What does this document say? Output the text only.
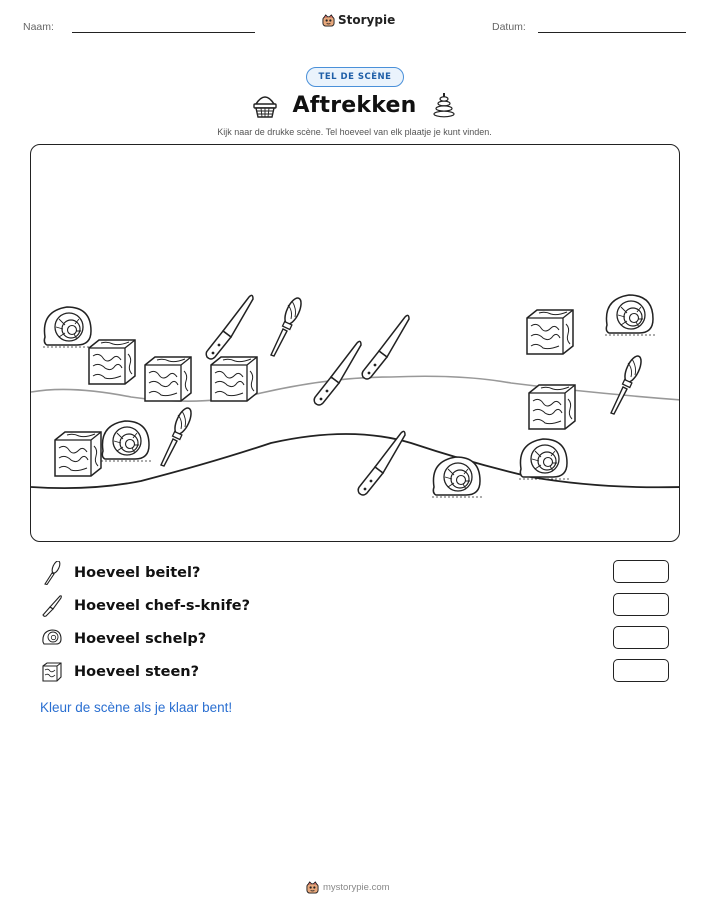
Naam:	Storypie	Datum:
TEL DE SCÈNE
Aftrekken
Kijk naar de drukke scène. Tel hoeveel van elk plaatje je kunt vinden.
Hoeveel beitel?
Hoeveel chef-s-knife?
Hoeveel schelp?
Hoeveel steen?
Kleur de scène als je klaar bent!
mystorypie.com
